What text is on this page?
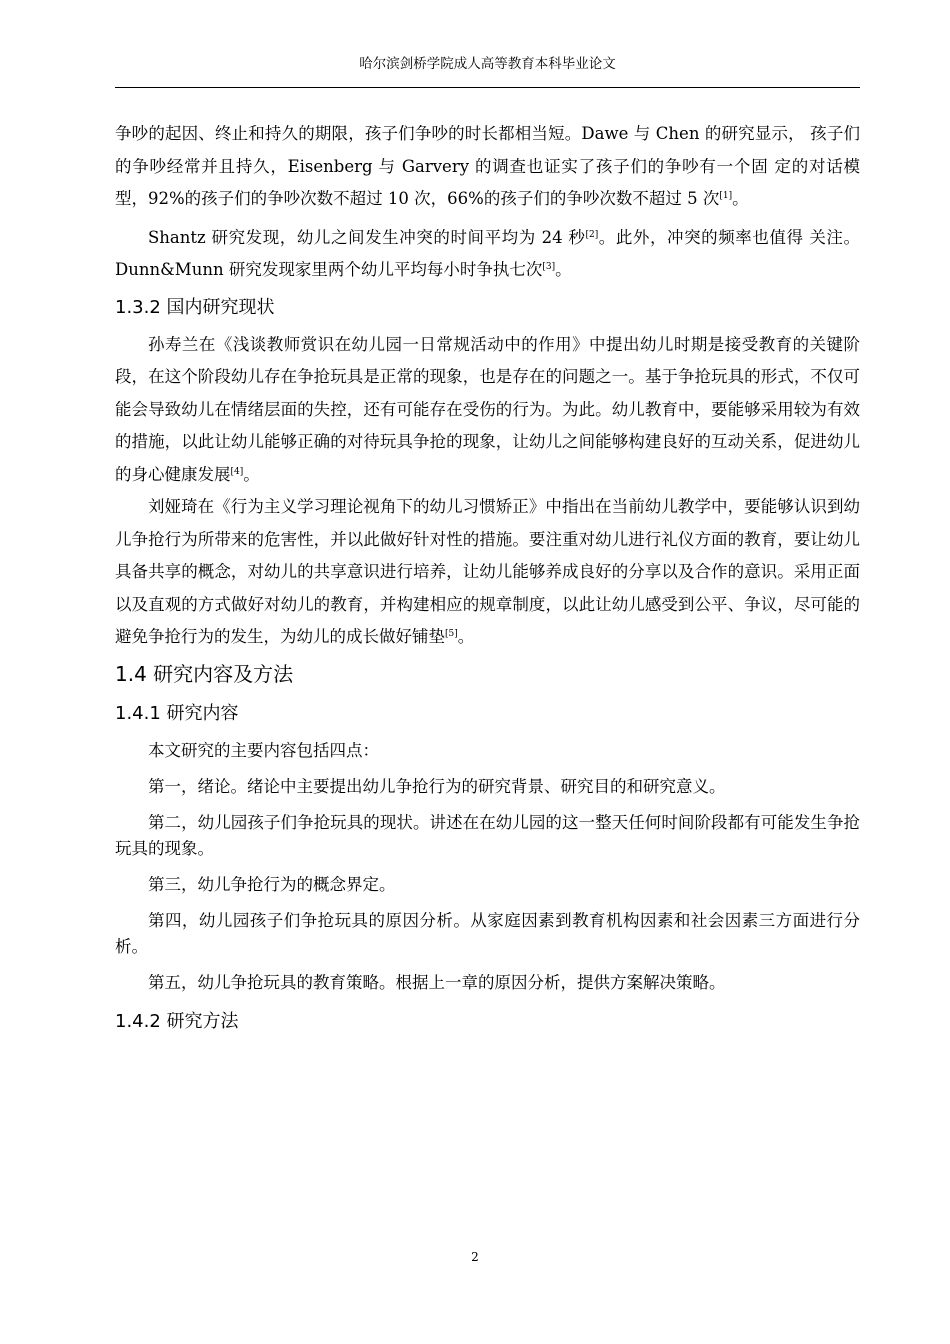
哈尔滨剑桥学院成人高等教育本科毕业论文

争吵的起因、终止和持久的期限，孩子们争吵的时长都相当短。Dawe 与 Chen 的研究显示， 孩子们的争吵经常并且持久，Eisenberg 与 Garvery 的调查也证实了孩子们的争吵有一个固 定的对话模型，92%的孩子们的争吵次数不超过 10 次，66%的孩子们的争吵次数不超过 5 次[1]。

Shantz 研究发现，幼儿之间发生冲突的时间平均为 24 秒[2]。此外，冲突的频率也值得 关注。Dunn&Munn 研究发现家里两个幼儿平均每小时争执七次[3]。

1.3.2 国内研究现状

孙寿兰在《浅谈教师赏识在幼儿园一日常规活动中的作用》中提出幼儿时期是接受教育的关键阶段，在这个阶段幼儿存在争抢玩具是正常的现象，也是存在的问题之一。基于争抢玩具的形式，不仅可能会导致幼儿在情绪层面的失控，还有可能存在受伤的行为。为此。幼儿教育中，要能够采用较为有效的措施，以此让幼儿能够正确的对待玩具争抢的现象，让幼儿之间能够构建良好的互动关系，促进幼儿的身心健康发展[4]。

刘娅琦在《行为主义学习理论视角下的幼儿习惯矫正》中指出在当前幼儿教学中，要能够认识到幼儿争抢行为所带来的危害性，并以此做好针对性的措施。要注重对幼儿进行礼仪方面的教育，要让幼儿具备共享的概念，对幼儿的共享意识进行培养，让幼儿能够养成良好的分享以及合作的意识。采用正面以及直观的方式做好对幼儿的教育，并构建相应的规章制度，以此让幼儿感受到公平、争议，尽可能的避免争抢行为的发生，为幼儿的成长做好铺垫[5]。

1.4 研究内容及方法
1.4.1 研究内容

本文研究的主要内容包括四点：

第一，绪论。绪论中主要提出幼儿争抢行为的研究背景、研究目的和研究意义。

第二，幼儿园孩子们争抢玩具的现状。讲述在在幼儿园的这一整天任何时间阶段都有可能发生争抢玩具的现象。

第三，幼儿争抢行为的概念界定。

第四，幼儿园孩子们争抢玩具的原因分析。从家庭因素到教育机构因素和社会因素三方面进行分析。

第五，幼儿争抢玩具的教育策略。根据上一章的原因分析，提供方案解决策略。

1.4.2 研究方法
2
